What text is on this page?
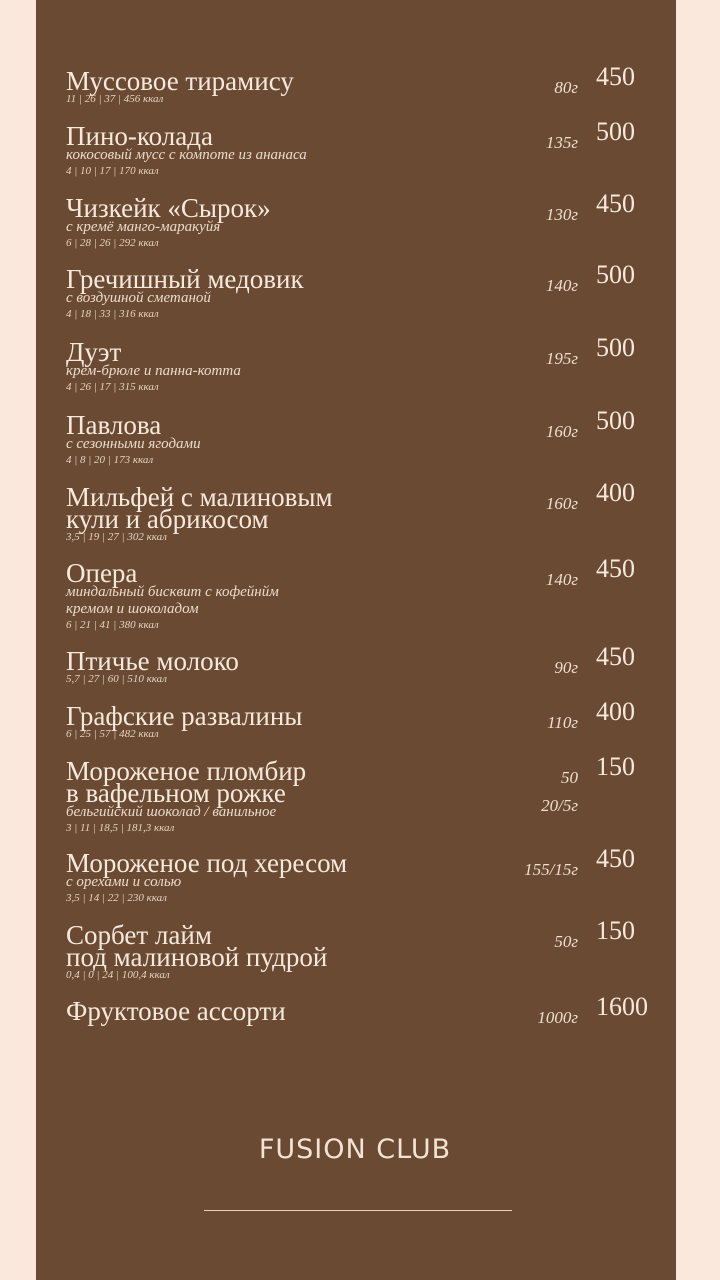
Муссовое тирамису
11 | 26 | 37 | 456 ккал
80г 450
Пино-колада
кокосовый мусс с компоте из ананаса
4 | 10 | 17 | 170 ккал
135г 500
Чизкейк «Сырок»
с кремё манго-маракуйя
6 | 28 | 26 | 292 ккал
130г 450
Гречишный медовик
с воздушной сметаной
4 | 18 | 33 | 316 ккал
140г 500
Дуэт
крем-брюле и панна-котта
4 | 26 | 17 | 315 ккал
195г 500
Павлова
с сезонными ягодами
4 | 8 | 20 | 173 ккал
160г 500
Мильфей с малиновым
кули и абрикосом
3,5 | 19 | 27 | 302 ккал
160г 400
Опера
миндальный бисквит с кофейнйм
кремом и шоколадом
6 | 21 | 41 | 380 ккал
140г 450
Птичье молоко
5,7 | 27 | 60 | 510 ккал
90г 450
Графские развалины
6 | 25 | 57 | 482 ккал
110г 400
Мороженое пломбир
в вафельном рожке
бельгийский шоколад / ванильное
3 | 11 | 18,5 | 181,3 ккал
50
20/5г
150
Мороженое под хересом
с орехами и солью
3,5 | 14 | 22 | 230 ккал
155/15г 450
Сорбет лайм
под малиновой пудрой
0,4 | 0 | 24 | 100,4 ккал
50г 150
Фруктовое ассорти	1000г 1600
FUSION CLUB
